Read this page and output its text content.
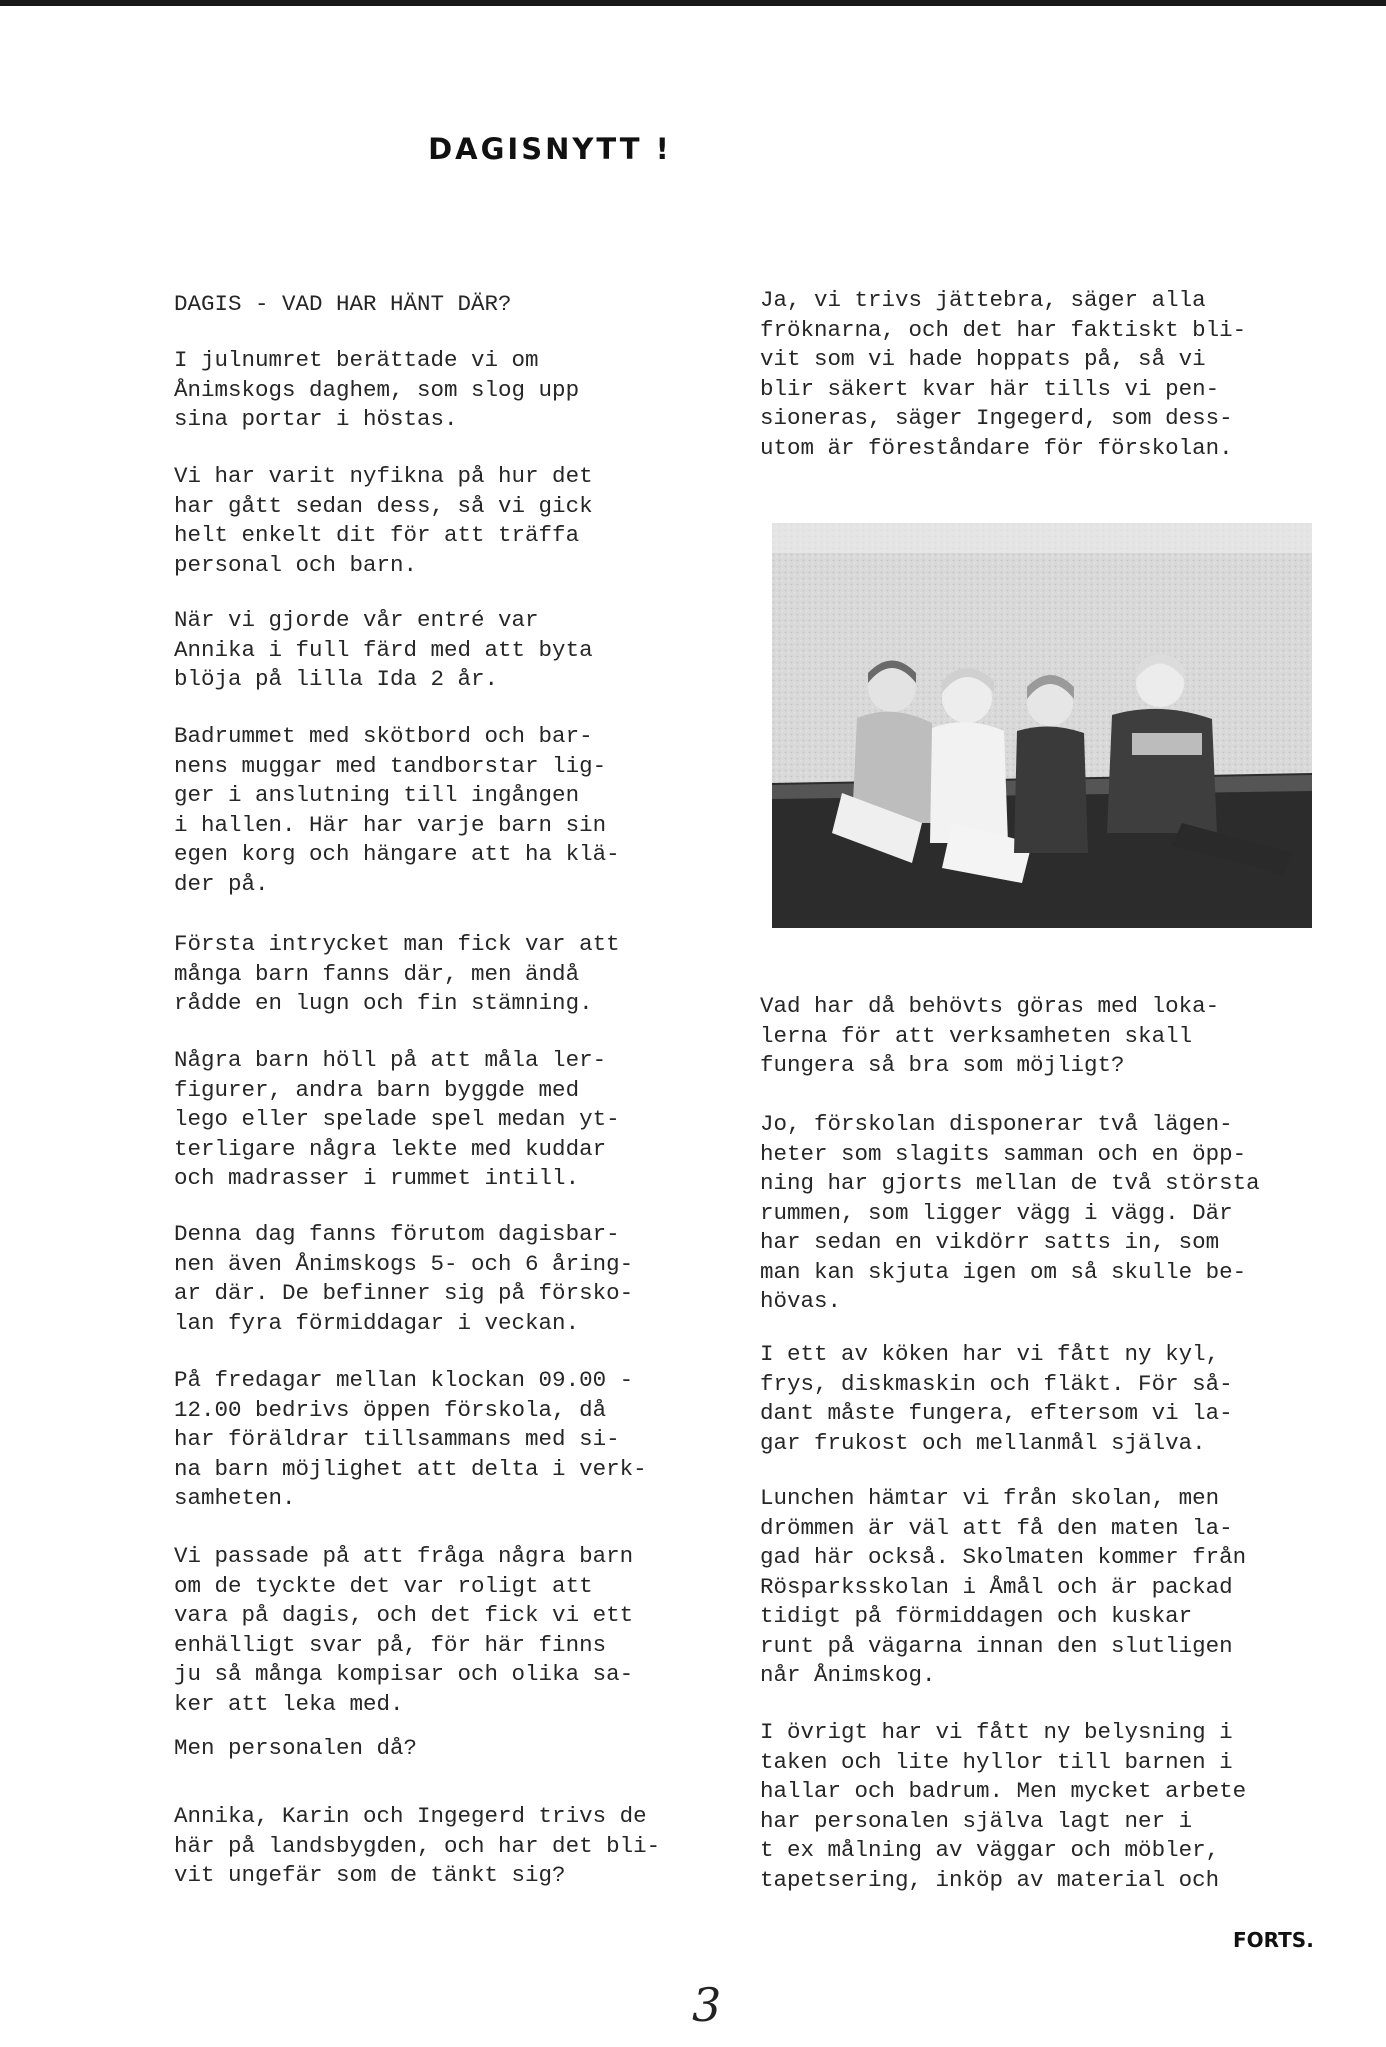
DAGISNYTT !

DAGIS - VAD HAR HÄNT DÄR?

I julnumret berättade vi om
Ånimskogs daghem, som slog upp
sina portar i höstas.

Vi har varit nyfikna på hur det
har gått sedan dess, så vi gick
helt enkelt dit för att träffa
personal och barn.

När vi gjorde vår entré var
Annika i full färd med att byta
blöja på lilla Ida 2 år.

Badrummet med skötbord och bar-
nens muggar med tandborstar lig-
ger i anslutning till ingången
i hallen. Här har varje barn sin
egen korg och hängare att ha klä-
der på.

Första intrycket man fick var att
många barn fanns där, men ändå
rådde en lugn och fin stämning.

Några barn höll på att måla ler-
figurer, andra barn byggde med
lego eller spelade spel medan yt-
terligare några lekte med kuddar
och madrasser i rummet intill.

Denna dag fanns förutom dagisbar-
nen även Ånimskogs 5- och 6 åring-
ar där. De befinner sig på försko-
lan fyra förmiddagar i veckan.

På fredagar mellan klockan 09.00 -
12.00 bedrivs öppen förskola, då
har föräldrar tillsammans med si-
na barn möjlighet att delta i verk-
samheten.

Vi passade på att fråga några barn
om de tyckte det var roligt att
vara på dagis, och det fick vi ett
enhälligt svar på, för här finns
ju så många kompisar och olika sa-
ker att leka med.

Men personalen då?

Annika, Karin och Ingegerd trivs de
här på landsbygden, och har det bli-
vit ungefär som de tänkt sig?

Ja, vi trivs jättebra, säger alla
fröknarna, och det har faktiskt bli-
vit som vi hade hoppats på, så vi
blir säkert kvar här tills vi pen-
sioneras, säger Ingegerd, som dess-
utom är föreståndare för förskolan.

Vad har då behövts göras med loka-
lerna för att verksamheten skall
fungera så bra som möjligt?

Jo, förskolan disponerar två lägen-
heter som slagits samman och en öpp-
ning har gjorts mellan de två största
rummen, som ligger vägg i vägg. Där
har sedan en vikdörr satts in, som
man kan skjuta igen om så skulle be-
hövas.

I ett av köken har vi fått ny kyl,
frys, diskmaskin och fläkt. För så-
dant måste fungera, eftersom vi la-
gar frukost och mellanmål själva.

Lunchen hämtar vi från skolan, men
drömmen är väl att få den maten la-
gad här också. Skolmaten kommer från
Rösparksskolan i Åmål och är packad
tidigt på förmiddagen och kuskar
runt på vägarna innan den slutligen
når Ånimskog.

I övrigt har vi fått ny belysning i
taken och lite hyllor till barnen i
hallar och badrum. Men mycket arbete
har personalen själva lagt ner i
t ex målning av väggar och möbler,
tapetsering, inköp av material och

FORTS.
3
